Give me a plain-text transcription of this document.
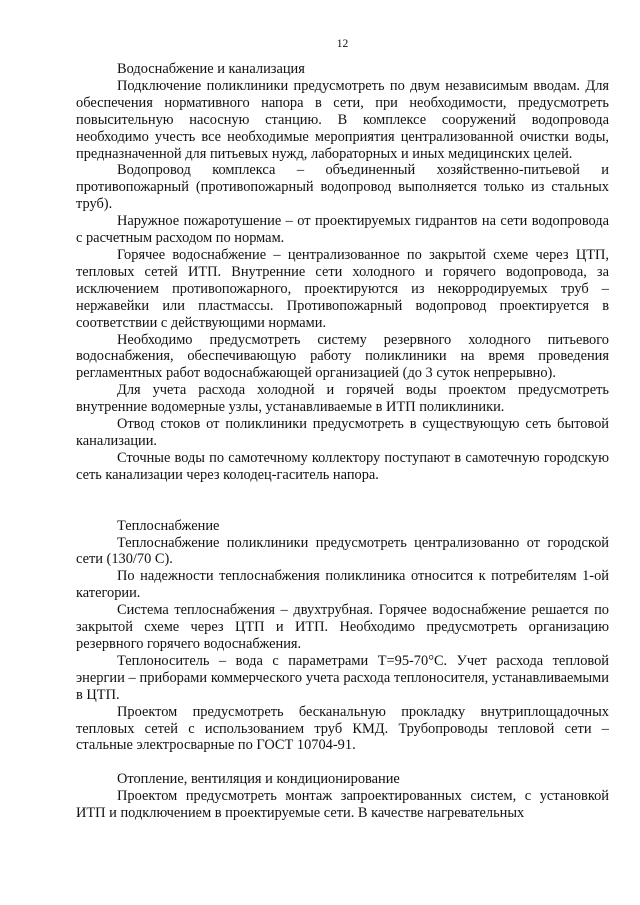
12

Водоснабжение и канализация

Подключение поликлиники предусмотреть по двум независимым вводам. Для обеспечения нормативного напора в сети, при необходимости, предусмотреть повысительную насосную станцию. В комплексе сооружений водопровода необходимо учесть все необходимые мероприятия централизованной очистки воды, предназначенной для питьевых нужд, лабораторных и иных медицинских целей.

Водопровод комплекса – объединенный хозяйственно-питьевой и противопожарный (противопожарный водопровод выполняется только из стальных труб).

Наружное пожаротушение – от проектируемых гидрантов на сети водопровода с расчетным расходом по нормам.

Горячее водоснабжение – централизованное по закрытой схеме через ЦТП, тепловых сетей ИТП. Внутренние сети холодного и горячего водопровода, за исключением противопожарного, проектируются из некорродируемых труб – нержавейки или пластмассы. Противопожарный водопровод проектируется в соответствии с действующими нормами.

Необходимо предусмотреть систему резервного холодного питьевого водоснабжения, обеспечивающую работу поликлиники на время проведения регламентных работ водоснабжающей организацией (до 3 суток непрерывно).

Для учета расхода холодной и горячей воды проектом предусмотреть внутренние водомерные узлы, устанавливаемые в ИТП поликлиники.

Отвод стоков от поликлиники предусмотреть в существующую сеть бытовой канализации.

Сточные воды по самотечному коллектору поступают в самотечную городскую сеть канализации через колодец-гаситель напора.

Теплоснабжение

Теплоснабжение поликлиники предусмотреть централизованно от городской сети (130/70 С).

По надежности теплоснабжения поликлиника относится к потребителям 1-ой категории.

Система теплоснабжения – двухтрубная. Горячее водоснабжение решается по закрытой схеме через ЦТП и ИТП. Необходимо предусмотреть организацию резервного горячего водоснабжения.

Теплоноситель – вода с параметрами Т=95-70°С. Учет расхода тепловой энергии – приборами коммерческого учета расхода теплоносителя, устанавливаемыми в ЦТП.

Проектом предусмотреть бесканальную прокладку внутриплощадочных тепловых сетей с использованием труб КМД. Трубопроводы тепловой сети – стальные электросварные по ГОСТ 10704-91.

Отопление, вентиляция и кондиционирование

Проектом предусмотреть монтаж запроектированных систем, с установкой ИТП и подключением в проектируемые сети. В качестве нагревательных
